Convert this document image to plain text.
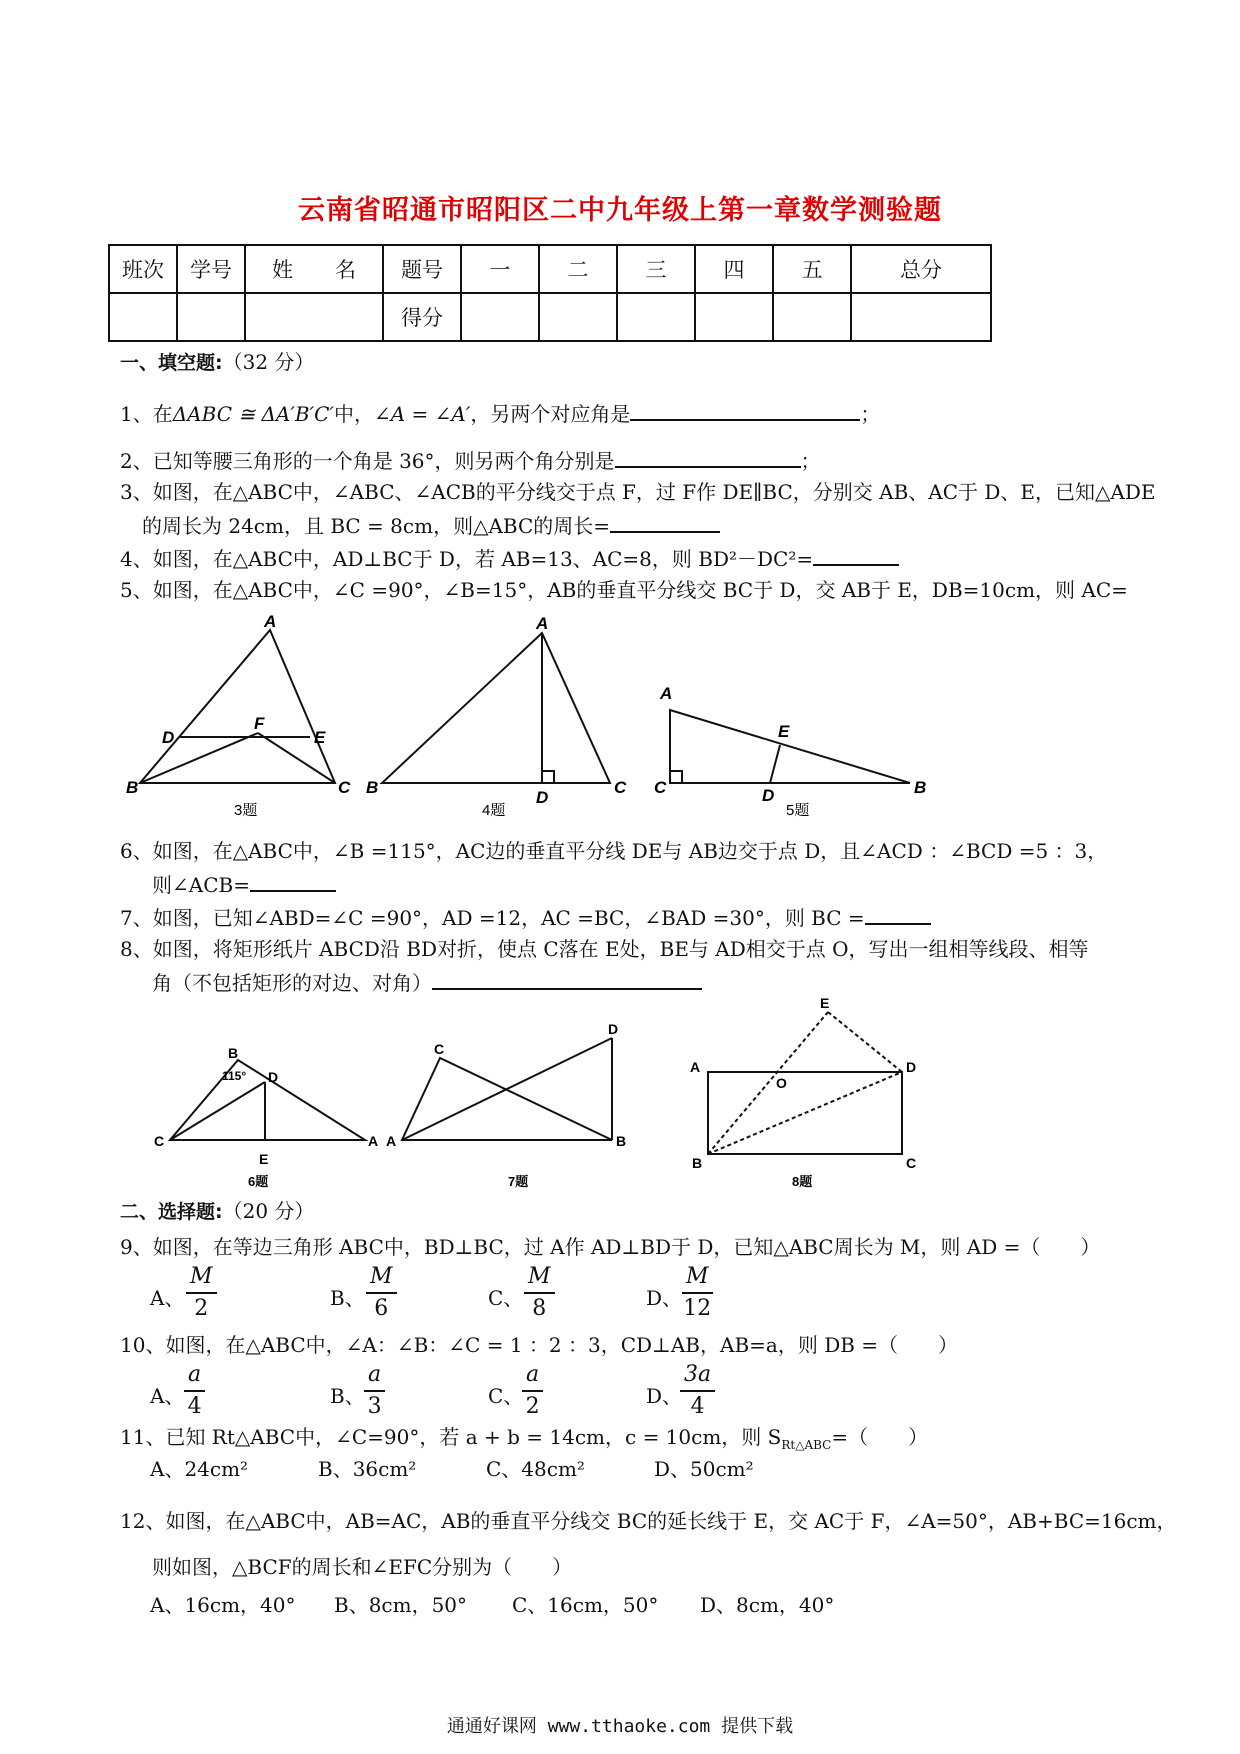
云南省昭通市昭阳区二中九年级上第一章数学测验题
班次	学号	姓　　名	题号	一	二	三	四	五	总分
			得分						
一、填空题:（32 分）
1、在ΔABC ≅ ΔA′B′C′中，∠A = ∠A′，另两个对应角是	；
2、已知等腰三角形的一个角是 36°，则另两个角分别是	；
3、如图，在△ABC中，∠ABC、∠ACB的平分线交于点 F，过 F作 DE∥BC，分别交 AB、AC于 D、E，已知△ADE
的周长为 24cm，且 BC = 8cm，则△ABC的周长=
4、如图，在△ABC中，AD⊥BC于 D，若 AB=13、AC=8，则 BD²－DC²=
5、如图，在△ABC中，∠C =90°，∠B=15°，AB的垂直平分线交 BC于 D，交 AB于 E，DB=10cm，则 AC=
A
B	C
D	E
F
3题
A
B	C
D
4题
A
B
C	D
E
5题
6、如图，在△ABC中，∠B =115°，AC边的垂直平分线 DE与 AB边交于点 D，且∠ACD ：∠BCD =5 ：3，
则∠ACB=
7、如图，已知∠ABD=∠C =90°，AD =12，AC =BC，∠BAD =30°，则 BC =
8、如图，将矩形纸片 ABCD沿 BD对折，使点 C落在 E处，BE与 AD相交于点 O，写出一组相等线段、相等
角（不包括矩形的对边、对角）
B
D
C	A
E
115°
6题
C
D
A	B
7题
E
A	D
O
B	C
8题
二、选择题:（20 分）
9、如图，在等边三角形 ABC中，BD⊥BC，过 A作 AD⊥BD于 D，已知△ABC周长为 M，则 AD =（　　）
A、 $\frac{M}{2}$	B、 $\frac{M}{6}$	C、 $\frac{M}{8}$	D、 $\frac{M}{12}$
10、如图，在△ABC中，∠A：∠B：∠C = 1 ：2 ：3，CD⊥AB，AB=a，则 DB =（　　）
A、 $\frac{a}{4}$	B、 $\frac{a}{3}$	C、
$\frac{a}{2}$	D、
$\frac{3a}{4}$
11、已知 Rt△ABC中，∠C=90°，若 a + b = 14cm，c = 10cm，则 $S_{Rt\triangle ABC}=$（　　）
A、24cm²	B、36cm²	C、48cm²	D、50cm²
12、如图，在△ABC中，AB=AC，AB的垂直平分线交 BC的延长线于 E，交 AC于 F，∠A=50°，AB+BC=16cm，
则如图，△BCF的周长和∠EFC分别为（　　）
A、16cm，40° B、8cm，50° C、16cm，50° D、8cm，40°
通通好课网 www.tthaoke.com 提供下载
